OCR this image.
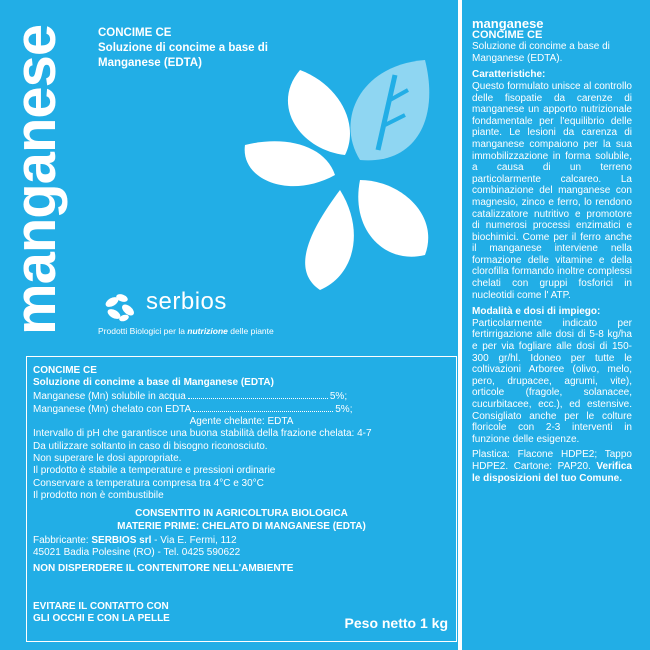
manganese	CONCIME CE
Soluzione di concime a base di
Manganese (EDTA)
serbios
Prodotti Biologici per la nutrizione delle piante
CONCIME CE
Soluzione di concime a base di Manganese (EDTA)
Manganese (Mn) solubile in acqua	5%;
Manganese (Mn) chelato con EDTA	5%;
Agente chelante: EDTA
Intervallo di pH che garantisce una buona stabilità della frazione chelata: 4-7
Da utilizzare soltanto in caso di bisogno riconosciuto.
Non superare le dosi appropriate.
Il prodotto è stabile a temperature e pressioni ordinarie
Conservare a temperatura compresa tra 4°C e 30°C
Il prodotto non è combustibile
CONSENTITO IN AGRICOLTURA BIOLOGICA
MATERIE PRIME: CHELATO DI MANGANESE (EDTA)
Fabbricante: SERBIOS srl - Via E. Fermi, 112
45021 Badia Polesine (RO) - Tel. 0425 590622
NON DISPERDERE IL CONTENITORE NELL'AMBIENTE
EVITARE IL CONTATTO CON
GLI OCCHI E CON LA PELLE	Peso netto 1 kg
manganese
CONCIME CE

Soluzione di concime a base di Manganese (EDTA).

Caratteristiche:

Questo formulato unisce al controllo delle fisopatie da carenze di manganese un apporto nutrizionale fondamentale per l'equilibrio delle piante. Le lesioni da carenza di manganese compaiono per la sua immobilizzazione in forma solubile, a causa di un terreno particolarmente calcareo. La combinazione del manganese con magnesio, zinco e ferro, lo rendono catalizzatore nutritivo e promotore di numerosi processi enzimatici e biochimici. Come per il ferro anche il manganese interviene nella formazione delle vitamine e della clorofilla formando inoltre complessi chelati con gruppi fosforici in nucleotidi come l' ATP.

Modalità e dosi di impiego:

Particolarmente indicato per fertirrigazione alle dosi di 5-8 kg/ha e per via fogliare alle dosi di 150-300 gr/hl. Idoneo per tutte le coltivazioni Arboree (olivo, melo, pero, drupacee, agrumi, vite), orticole (fragole, solanacee, cucurbitacee, ecc.), ed estensive. Consigliato anche per le colture floricole con 2-3 interventi in funzione delle esigenze.

Plastica: Flacone HDPE2; Tappo HDPE2. Cartone: PAP20. Verifica le disposizioni del tuo Comune.
